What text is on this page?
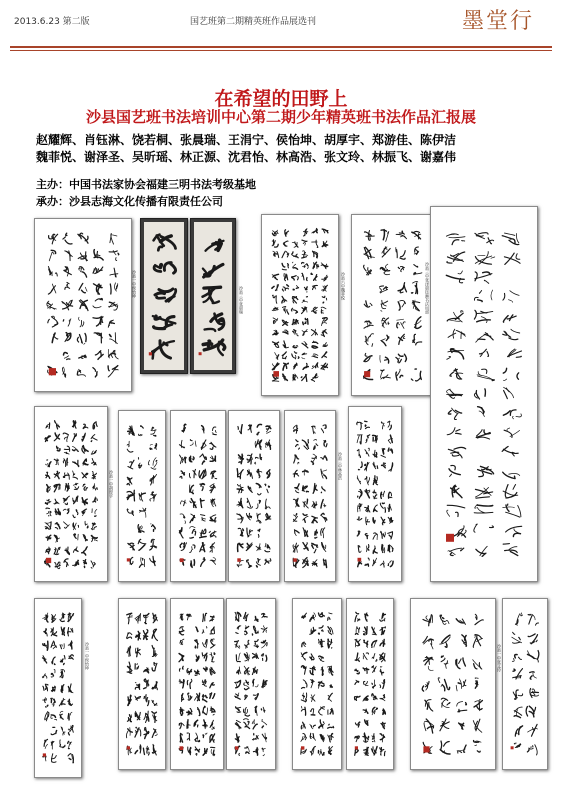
2013.6.23 第二版	国艺班第二期精英班作品展选刊	墨堂行
在希望的田野上
沙县国艺班书法培训中心第二期少年精英班书法作品汇报展
赵耀辉、肖钰淋、饶若桐、张晨瑞、王涓宁、侯怡坤、胡厚宇、郑游佳、陈伊洁
魏菲悦、谢泽圣、吴昕瑶、林正源、沈君怡、林高浩、张文玲、林振飞、谢嘉伟
主办：中国书法家协会福建三明书法考级基地
承办：沙县志海文化传播有限责任公司
沙县一中侯怡坤
沙县三中张晨瑞	沙县六中魏菲悦	沙县三中张泽晨钰淋书法局部
沙县一中胡厚宇
沙县三中林高浩
沙县一中侯怡坤	沙县一中张文玲
